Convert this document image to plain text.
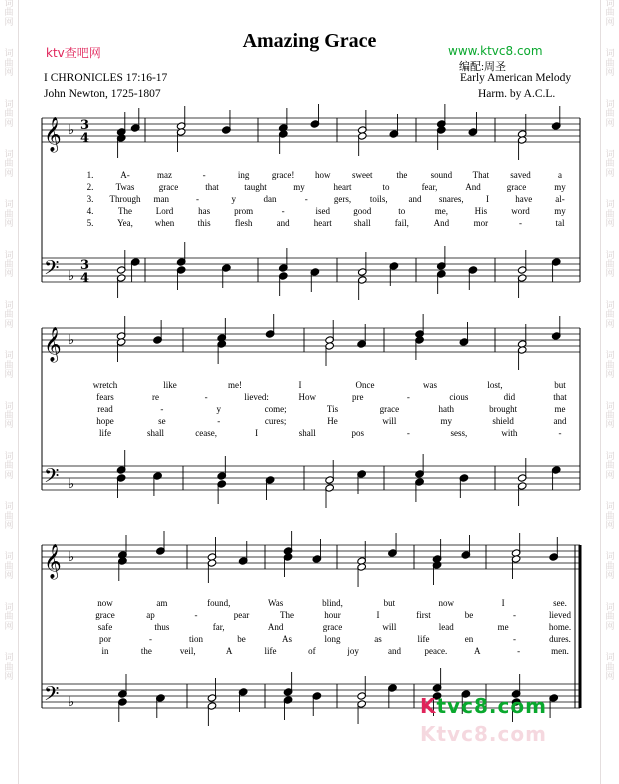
词
曲
网
词
曲
网
词
曲
网
词
曲
网
词
曲
网
词
曲
网
词
曲
网
词
曲
网
词
曲
网
词
曲
网
词
曲
网
词
曲
网
词
曲
网
词
曲
网
词
曲
网
词
曲
网
词
曲
网
词
曲
网
词
曲
网
词
曲
网
词
曲
网
词
曲
网
词
曲
网
词
曲
网
词
曲
网
词
曲
网
词
曲
网
词
曲
网
Amazing Grace
ktv查吧网	www.ktvc8.com
编配:周圣
I CHRONICLES 17:16-17
John Newton, 1725-1807
Early American Melody
Harm. by A.C.L.
𝄞
𝄢
♭
♭
3
4
3
4
𝄞
𝄢
♭
♭
𝄞
𝄢
♭
♭
1.	A-	maz	-	ing	grace! how sweet	the	sound That saved	a
2. Twas	grace	that	taught	my	heart	to	fear,	And	grace	my
3. Through man	-	y	dan	-	gers, toils, and snares, I	have	al-
4.	The	Lord	has	prom	-	ised	good	to	me,	His	word	my
5.	Yea, when	this	flesh	and	heart shall	fail,	And	mor	-	tal
wretch	like	me!	I	Once	was	lost,	but
fears	re	-	lieved:	How	pre	-	cious	did	that
read	-	y	come;	Tis	grace	hath	brought	me
hope	se	-	cures;	He	will	my	shield	and
life	shall	cease,	I	shall	pos	-	sess,	with	-
now	am	found,	Was	blind,	but	now	I	see.
grace	ap	-	pear	The	hour	I	first	be	-	lieved
safe	thus	far,	And	grace	will	lead	me	home.
por	-	tion	be	As	long	as	life	en	-	dures.
in	the	veil,	A	life	of	joy	and	peace.	A	-	men.
Ktvc8.com
Ktvc8.com
